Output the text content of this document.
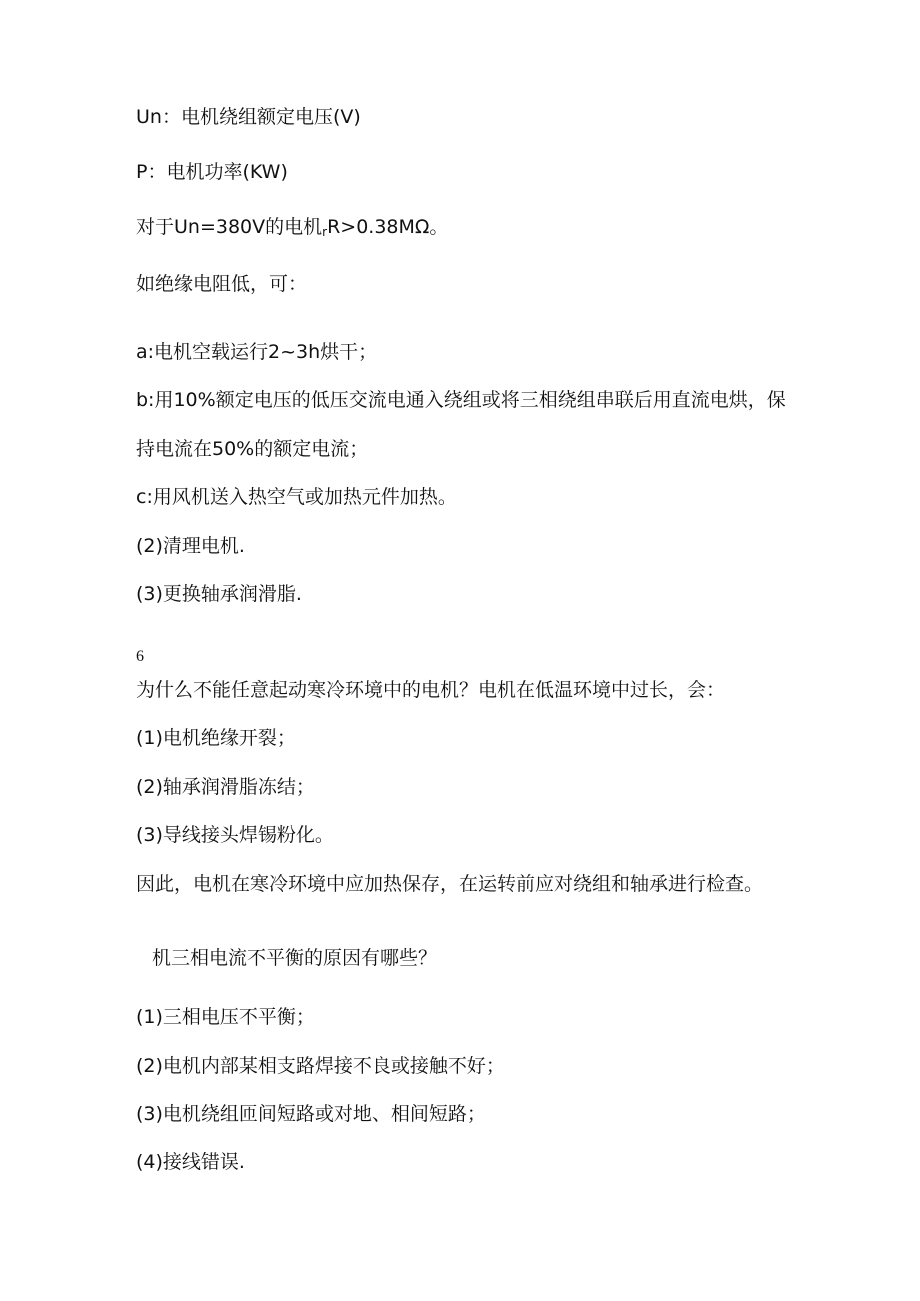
Un：电机绕组额定电压(V)
P：电机功率(KW)
对于Un=380V的电机$_r$R>0.38MΩ。
如绝缘电阻低，可：
a:电机空载运行2~3h烘干；
b:用10%额定电压的低压交流电通入绕组或将三相绕组串联后用直流电烘，保
持电流在50%的额定电流；
c:用风机送入热空气或加热元件加热。
(2)清理电机.
(3)更换轴承润滑脂.
6
为什么不能任意起动寒冷环境中的电机？电机在低温环境中过长，会：
(1)电机绝缘开裂；
(2)轴承润滑脂冻结；
(3)导线接头焊锡粉化。
因此，电机在寒冷环境中应加热保存，在运转前应对绕组和轴承进行检查。
机三相电流不平衡的原因有哪些？
(1)三相电压不平衡；
(2)电机内部某相支路焊接不良或接触不好；
(3)电机绕组匝间短路或对地、相间短路；
(4)接线错误.
